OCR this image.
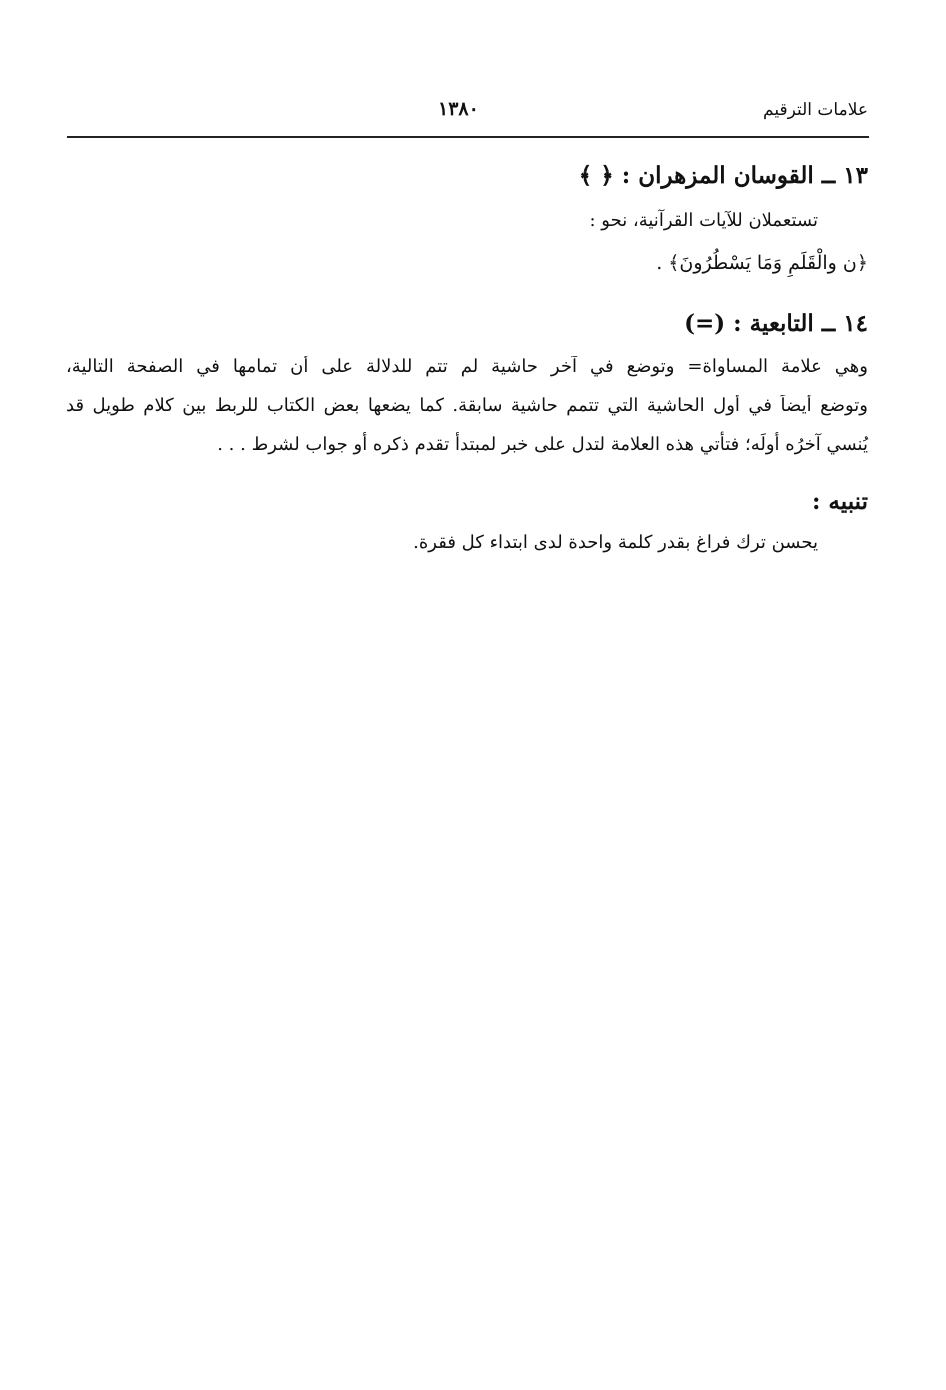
علامات الترقيم
١٣٨٠
١٣ ــ القوسان المزهران : ﴿ ﴾
تستعملان للآيات القرآنية، نحو :
﴿ن والْقَلَمِ وَمَا يَسْطُرُونَ﴾ .
١٤ ــ التابعية : (=)
وهي علامة المساواة= وتوضع في آخر حاشية لم تتم للدلالة على أن تمامها في الصفحة التالية،
وتوضع أيضاً في أول الحاشية التي تتمم حاشية سابقة. كما يضعها بعض الكتاب للربط بين كلام طويل قد
يُنسي آخرُه أولَه؛ فتأتي هذه العلامة لتدل على خبر لمبتدأ تقدم ذكره أو جواب لشرط . . .
تنبيه :
يحسن ترك فراغ بقدر كلمة واحدة لدى ابتداء كل فقرة.
